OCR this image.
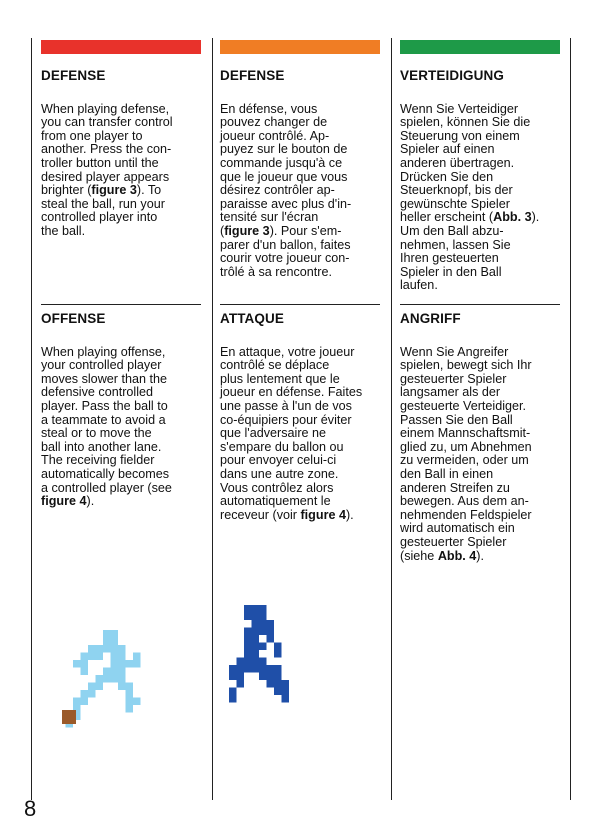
DEFENSE

When playing defense,
you can transfer control
from one player to
another. Press the con-
troller button until the
desired player appears
brighter (figure 3). To
steal the ball, run your
controlled player into
the ball.

OFFENSE

When playing offense,
your controlled player
moves slower than the
defensive controlled
player. Pass the ball to
a teammate to avoid a
steal or to move the
ball into another lane.
The receiving fielder
automatically becomes
a controlled player (see
figure 4).

DEFENSE

En défense, vous
pouvez changer de
joueur contrôlé. Ap-
puyez sur le bouton de
commande jusqu'à ce
que le joueur que vous
désirez contrôler ap-
paraisse avec plus d'in-
tensité sur l'écran
(figure 3). Pour s'em-
parer d'un ballon, faites
courir votre joueur con-
trôlé à sa rencontre.

ATTAQUE

En attaque, votre joueur
contrôlé se déplace
plus lentement que le
joueur en défense. Faites
une passe à l'un de vos
co-équipiers pour éviter
que l'adversaire ne
s'empare du ballon ou
pour envoyer celui-ci
dans une autre zone.
Vous contrôlez alors
automatiquement le
receveur (voir figure 4).

VERTEIDIGUNG

Wenn Sie Verteidiger
spielen, können Sie die
Steuerung von einem
Spieler auf einen
anderen übertragen.
Drücken Sie den
Steuerknopf, bis der
gewünschte Spieler
heller erscheint (Abb. 3).
Um den Ball abzu-
nehmen, lassen Sie
Ihren gesteuerten
Spieler in den Ball
laufen.

ANGRIFF

Wenn Sie Angreifer
spielen, bewegt sich Ihr
gesteuerter Spieler
langsamer als der
gesteuerte Verteidiger.
Passen Sie den Ball
einem Mannschaftsmit-
glied zu, um Abnehmen
zu vermeiden, oder um
den Ball in einen
anderen Streifen zu
bewegen. Aus dem an-
nehmenden Feldspieler
wird automatisch ein
gesteuerter Spieler
(siehe Abb. 4).

8
